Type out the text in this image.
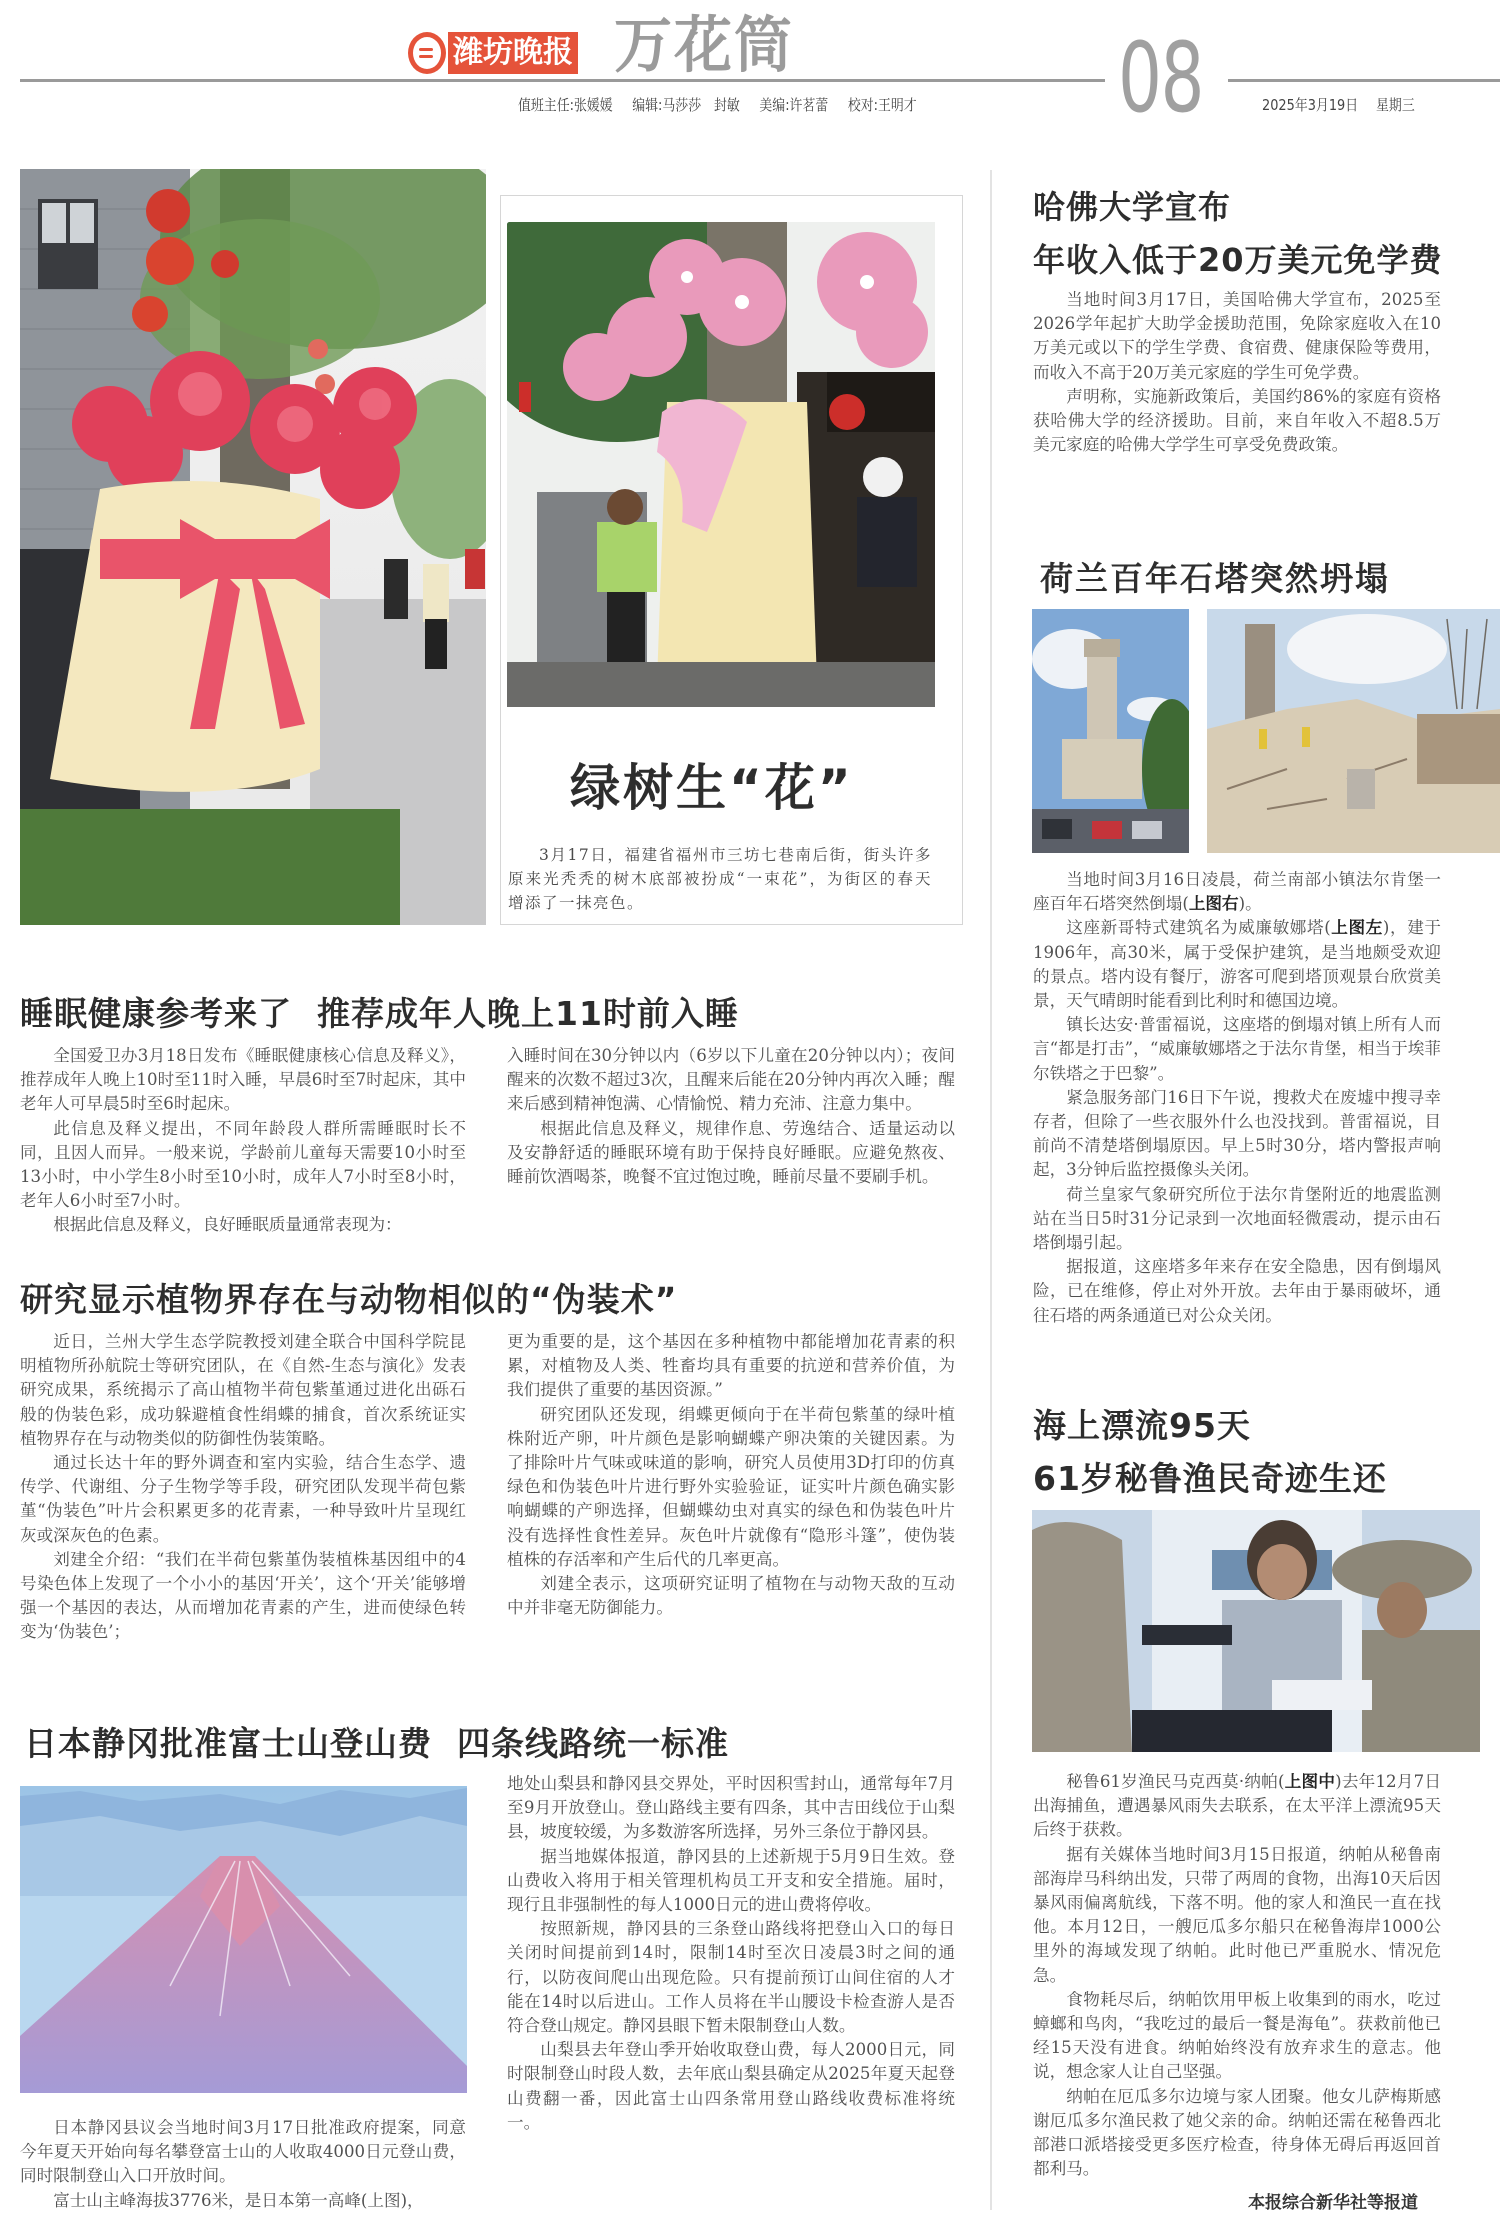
潍坊晚报 万花筒	08
值班主任:张媛媛 编辑:马莎莎　封敏 美编:许茗蕾 校对:王明才	2025年3月19日 星期三
绿树生“花”

3月17日，福建省福州市三坊七巷南后街，街头许多原来光秃秃的树木底部被扮成“一束花”，为街区的春天增添了一抹亮色。

睡眠健康参考来了  推荐成年人晚上11时前入睡

全国爱卫办3月18日发布《睡眠健康核心信息及释义》，推荐成年人晚上10时至11时入睡，早晨6时至7时起床，其中老年人可早晨5时至6时起床。

此信息及释义提出，不同年龄段人群所需睡眠时长不同，且因人而异。一般来说，学龄前儿童每天需要10小时至13小时，中小学生8小时至10小时，成年人7小时至8小时，老年人6小时至7小时。

根据此信息及释义，良好睡眠质量通常表现为：

入睡时间在30分钟以内（6岁以下儿童在20分钟以内）；夜间醒来的次数不超过3次，且醒来后能在20分钟内再次入睡；醒来后感到精神饱满、心情愉悦、精力充沛、注意力集中。

根据此信息及释义，规律作息、劳逸结合、适量运动以及安静舒适的睡眠环境有助于保持良好睡眠。应避免熬夜、睡前饮酒喝茶，晚餐不宜过饱过晚，睡前尽量不要刷手机。

研究显示植物界存在与动物相似的“伪装术”

近日，兰州大学生态学院教授刘建全联合中国科学院昆明植物所孙航院士等研究团队，在《自然-生态与演化》发表研究成果，系统揭示了高山植物半荷包紫堇通过进化出砾石般的伪装色彩，成功躲避植食性绢蝶的捕食，首次系统证实植物界存在与动物类似的防御性伪装策略。

通过长达十年的野外调查和室内实验，结合生态学、遗传学、代谢组、分子生物学等手段，研究团队发现半荷包紫堇“伪装色”叶片会积累更多的花青素，一种导致叶片呈现红灰或深灰色的色素。

刘建全介绍：“我们在半荷包紫堇伪装植株基因组中的4号染色体上发现了一个小小的基因‘开关’，这个‘开关’能够增强一个基因的表达，从而增加花青素的产生，进而使绿色转变为‘伪装色’；

更为重要的是，这个基因在多种植物中都能增加花青素的积累，对植物及人类、牲畜均具有重要的抗逆和营养价值，为我们提供了重要的基因资源。”

研究团队还发现，绢蝶更倾向于在半荷包紫堇的绿叶植株附近产卵，叶片颜色是影响蝴蝶产卵决策的关键因素。为了排除叶片气味或味道的影响，研究人员使用3D打印的仿真绿色和伪装色叶片进行野外实验验证，证实叶片颜色确实影响蝴蝶的产卵选择，但蝴蝶幼虫对真实的绿色和伪装色叶片没有选择性食性差异。灰色叶片就像有“隐形斗篷”，使伪装植株的存活率和产生后代的几率更高。

刘建全表示，这项研究证明了植物在与动物天敌的互动中并非毫无防御能力。

日本静冈批准富士山登山费  四条线路统一标准

日本静冈县议会当地时间3月17日批准政府提案，同意今年夏天开始向每名攀登富士山的人收取4000日元登山费，同时限制登山入口开放时间。

富士山主峰海拔3776米，是日本第一高峰(上图)，

地处山梨县和静冈县交界处，平时因积雪封山，通常每年7月至9月开放登山。登山路线主要有四条，其中吉田线位于山梨县，坡度较缓，为多数游客所选择，另外三条位于静冈县。

据当地媒体报道，静冈县的上述新规于5月9日生效。登山费收入将用于相关管理机构员工开支和安全措施。届时，现行且非强制性的每人1000日元的进山费将停收。

按照新规，静冈县的三条登山路线将把登山入口的每日关闭时间提前到14时，限制14时至次日凌晨3时之间的通行，以防夜间爬山出现危险。只有提前预订山间住宿的人才能在14时以后进山。工作人员将在半山腰设卡检查游人是否符合登山规定。静冈县眼下暂未限制登山人数。

山梨县去年登山季开始收取登山费，每人2000日元，同时限制登山时段人数，去年底山梨县确定从2025年夏天起登山费翻一番，因此富士山四条常用登山路线收费标准将统一。

哈佛大学宣布
年收入低于20万美元免学费

当地时间3月17日，美国哈佛大学宣布，2025至2026学年起扩大助学金援助范围，免除家庭收入在10万美元或以下的学生学费、食宿费、健康保险等费用，而收入不高于20万美元家庭的学生可免学费。

声明称，实施新政策后，美国约86%的家庭有资格获哈佛大学的经济援助。目前，来自年收入不超8.5万美元家庭的哈佛大学学生可享受免费政策。

荷兰百年石塔突然坍塌

当地时间3月16日凌晨，荷兰南部小镇法尔肯堡一座百年石塔突然倒塌(上图右)。

这座新哥特式建筑名为威廉敏娜塔(上图左)，建于1906年，高30米，属于受保护建筑，是当地颇受欢迎的景点。塔内设有餐厅，游客可爬到塔顶观景台欣赏美景，天气晴朗时能看到比利时和德国边境。

镇长达安·普雷福说，这座塔的倒塌对镇上所有人而言“都是打击”，“威廉敏娜塔之于法尔肯堡，相当于埃菲尔铁塔之于巴黎”。

紧急服务部门16日下午说，搜救犬在废墟中搜寻幸存者，但除了一些衣服外什么也没找到。普雷福说，目前尚不清楚塔倒塌原因。早上5时30分，塔内警报声响起，3分钟后监控摄像头关闭。

荷兰皇家气象研究所位于法尔肯堡附近的地震监测站在当日5时31分记录到一次地面轻微震动，提示由石塔倒塌引起。

据报道，这座塔多年来存在安全隐患，因有倒塌风险，已在维修，停止对外开放。去年由于暴雨破坏，通往石塔的两条通道已对公众关闭。

海上漂流95天
61岁秘鲁渔民奇迹生还

秘鲁61岁渔民马克西莫·纳帕(上图中)去年12月7日出海捕鱼，遭遇暴风雨失去联系，在太平洋上漂流95天后终于获救。

据有关媒体当地时间3月15日报道，纳帕从秘鲁南部海岸马科纳出发，只带了两周的食物，出海10天后因暴风雨偏离航线，下落不明。他的家人和渔民一直在找他。本月12日，一艘厄瓜多尔船只在秘鲁海岸1000公里外的海域发现了纳帕。此时他已严重脱水、情况危急。

食物耗尽后，纳帕饮用甲板上收集到的雨水，吃过蟑螂和鸟肉，“我吃过的最后一餐是海龟”。获救前他已经15天没有进食。纳帕始终没有放弃求生的意志。他说，想念家人让自己坚强。

纳帕在厄瓜多尔边境与家人团聚。他女儿萨梅斯感谢厄瓜多尔渔民救了她父亲的命。纳帕还需在秘鲁西北部港口派塔接受更多医疗检查，待身体无碍后再返回首都利马。

本报综合新华社等报道
